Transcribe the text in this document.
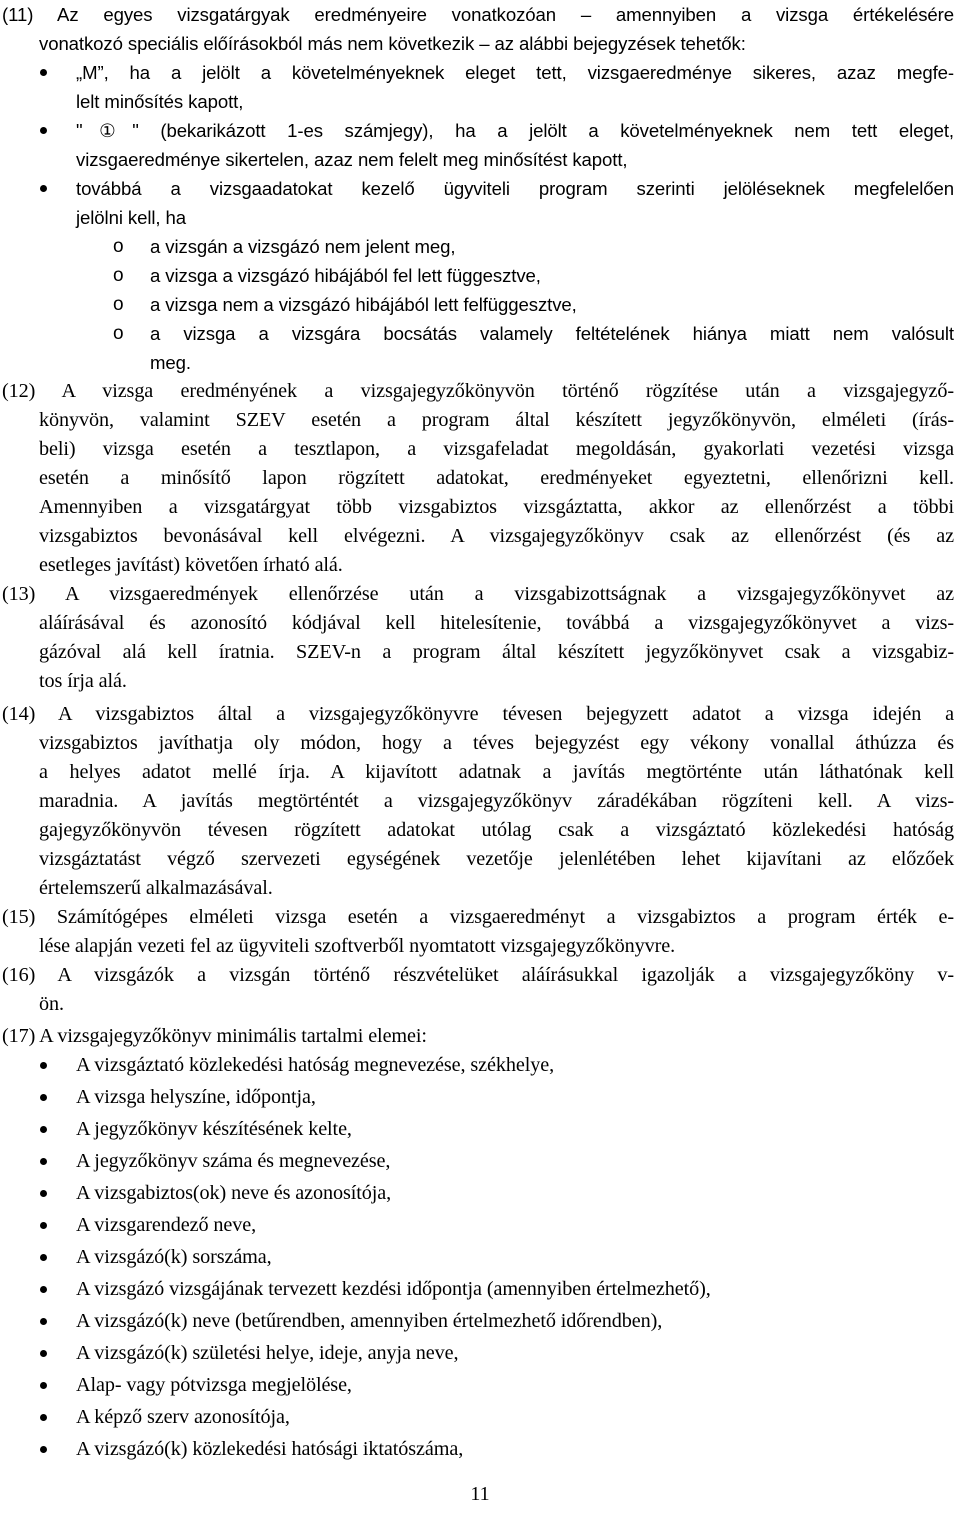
(11) Az egyes vizsgatárgyak eredményeire vonatkozóan – amennyiben a vizsga értékelésére
vonatkozó speciális előírásokból más nem következik – az alábbi bejegyzések tehetők:
„M”, ha a jelölt a követelményeknek eleget tett, vizsgaeredménye sikeres, azaz megfe-
lelt minősítés kapott,
"①" (bekarikázott 1-es számjegy), ha a jelölt a követelményeknek nem tett eleget,
vizsgaeredménye sikertelen, azaz nem felelt meg minősítést kapott,
továbbá a vizsgaadatokat kezelő ügyviteli program szerinti jelöléseknek megfelelően
jelölni kell, ha
o a vizsgán a vizsgázó nem jelent meg,
o a vizsga a vizsgázó hibájából fel lett függesztve,
o a vizsga nem a vizsgázó hibájából lett felfüggesztve,
o a vizsga a vizsgára bocsátás valamely feltételének hiánya miatt nem valósult
meg.
(12) A vizsga eredményének a vizsgajegyzőkönyvön történő rögzítése után a vizsgajegyző-
könyvön, valamint SZEV esetén a program által készített jegyzőkönyvön, elméleti (írás-
beli) vizsga esetén a tesztlapon, a vizsgafeladat megoldásán, gyakorlati vezetési vizsga
esetén a minősítő lapon rögzített adatokat, eredményeket egyeztetni, ellenőrizni kell.
Amennyiben a vizsgatárgyat több vizsgabiztos vizsgáztatta, akkor az ellenőrzést a többi
vizsgabiztos bevonásával kell elvégezni. A vizsgajegyzőkönyv csak az ellenőrzést (és az
esetleges javítást) követően írható alá.
(13) A vizsgaeredmények ellenőrzése után a vizsgabizottságnak a vizsgajegyzőkönyvet az
aláírásával és azonosító kódjával kell hitelesítenie, továbbá a vizsgajegyzőkönyvet a vizs-
gázóval alá kell íratnia. SZEV-n a program által készített jegyzőkönyvet csak a vizsgabiz-
tos írja alá.
(14) A vizsgabiztos által a vizsgajegyzőkönyvre tévesen bejegyzett adatot a vizsga idején a
vizsgabiztos javíthatja oly módon, hogy a téves bejegyzést egy vékony vonallal áthúzza és
a helyes adatot mellé írja. A kijavított adatnak a javítás megtörténte után láthatónak kell
maradnia. A javítás megtörténtét a vizsgajegyzőkönyv záradékában rögzíteni kell. A vizs-
gajegyzőkönyvön tévesen rögzített adatokat utólag csak a vizsgáztató közlekedési hatóság
vizsgáztatást végző szervezeti egységének vezetője jelenlétében lehet kijavítani az előzőek
értelemszerű alkalmazásával.
(15) Számítógépes elméleti vizsga esetén a vizsgaeredményt a vizsgabiztos a program érték e-
lése alapján vezeti fel az ügyviteli szoftverből nyomtatott vizsgajegyzőkönyvre.
(16) A vizsgázók a vizsgán történő részvételüket aláírásukkal igazolják a vizsgajegyzőköny v-
ön.
(17) A vizsgajegyzőkönyv minimális tartalmi elemei:
A vizsgáztató közlekedési hatóság megnevezése, székhelye,
A vizsga helyszíne, időpontja,
A jegyzőkönyv készítésének kelte,
A jegyzőkönyv száma és megnevezése,
A vizsgabiztos(ok) neve és azonosítója,
A vizsgarendező neve,
A vizsgázó(k) sorszáma,
A vizsgázó vizsgájának tervezett kezdési időpontja (amennyiben értelmezhető),
A vizsgázó(k) neve (betűrendben, amennyiben értelmezhető időrendben),
A vizsgázó(k) születési helye, ideje, anyja neve,
Alap- vagy pótvizsga megjelölése,
A képző szerv azonosítója,
A vizsgázó(k) közlekedési hatósági iktatószáma,
11
